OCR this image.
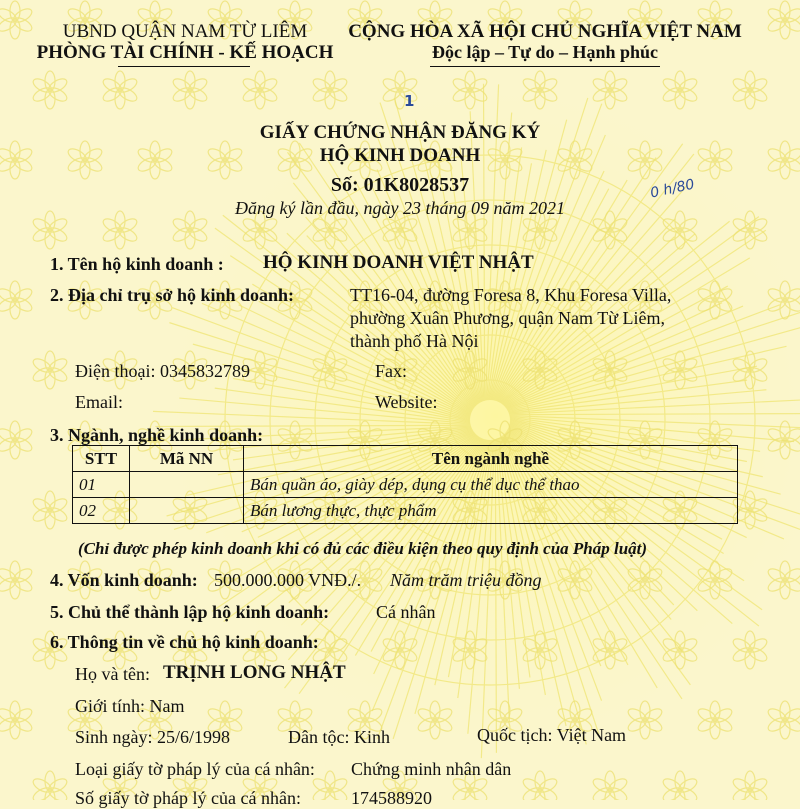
UBND QUẬN NAM TỪ LIÊM
PHÒNG TÀI CHÍNH - KẾ HOẠCH
CỘNG HÒA XÃ HỘI CHỦ NGHĨA VIỆT NAM
Độc lập – Tự do – Hạnh phúc
1
GIẤY CHỨNG NHẬN ĐĂNG KÝ
HỘ KINH DOANH
Số: 01K8028537
Đăng ký lần đầu, ngày 23 tháng 09 năm 2021
0 h/80
1. Tên hộ kinh doanh : HỘ KINH DOANH VIỆT NHẬT
2. Địa chỉ trụ sở hộ kinh doanh:	TT16-04, đường Foresa 8, Khu Foresa Villa,
phường Xuân Phương, quận Nam Từ Liêm,
thành phố Hà Nội
Điện thoại: 0345832789	Fax:
Email:	Website:
3. Ngành, nghề kinh doanh:
STT	Mã NN	Tên ngành nghề
01		Bán quần áo, giày dép, dụng cụ thể dục thể thao
02		Bán lương thực, thực phẩm
(Chỉ được phép kinh doanh khi có đủ các điều kiện theo quy định của Pháp luật)
4. Vốn kinh doanh: 500.000.000 VNĐ./. Năm trăm triệu đồng
5. Chủ thể thành lập hộ kinh doanh:	Cá nhân
6. Thông tin về chủ hộ kinh doanh:
Họ và tên: TRỊNH LONG NHẬT
Giới tính: Nam
Sinh ngày: 25/6/1998	Dân tộc: Kinh	Quốc tịch: Việt Nam
Loại giấy tờ pháp lý của cá nhân: Chứng minh nhân dân
Số giấy tờ pháp lý của cá nhân:	174588920
